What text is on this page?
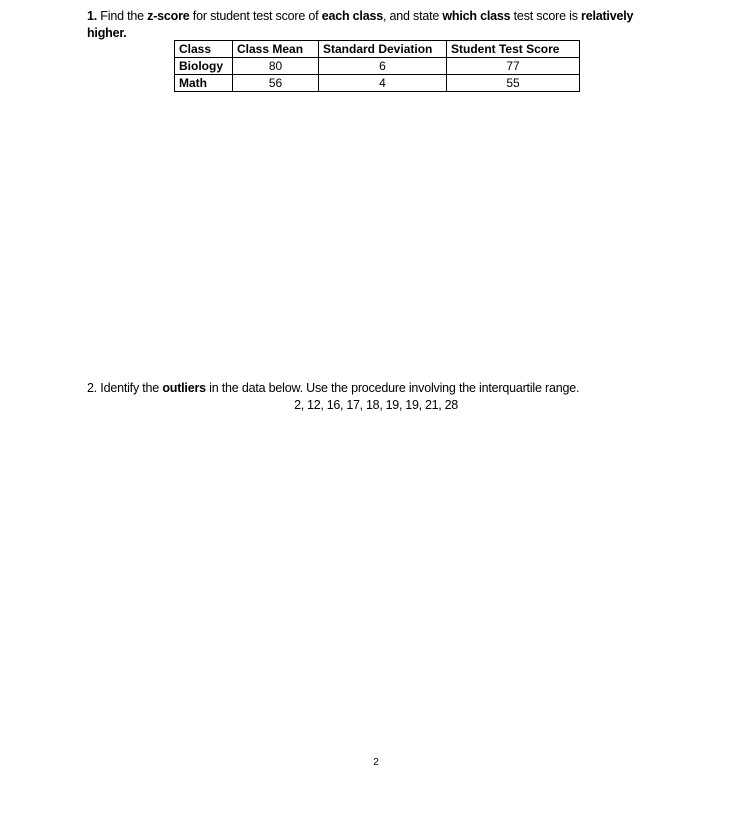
1. Find the z-score for student test score of each class, and state which class test score is relatively higher.
Class	Class Mean	Standard Deviation	Student Test Score
Biology	80	6	77
Math	56	4	55
2. Identify the outliers in the data below. Use the procedure involving the interquartile range.
2, 12, 16, 17, 18, 19, 19, 21, 28
2
